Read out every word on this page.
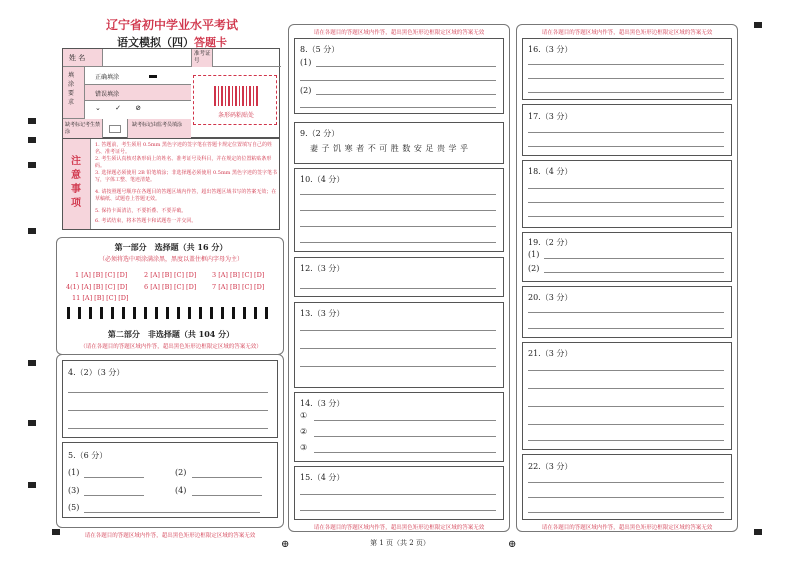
⊕	⊕
辽宁省初中学业水平考试
语文模拟（四）答题卡
姓 名	准考证号
填涂要求
正确填涂
错误填涂
⌄ ✓ ⊘
缺考标记考生禁涂
缺考标记由监考员填涂
条形码粘贴处
注意事项
1. 答题前，考生须用 0.5mm 黑色字迹的签字笔在答题卡规定位置填写自己的姓名、准考证号。
2. 考生须认真核对条形码上的姓名、准考证号及科目，并在规定的位置粘贴条形码。
3. 选择题必须使用 2B 铅笔填涂；非选择题必须使用 0.5mm 黑色字迹的签字笔书写，字体工整、笔迹清楚。
4. 请按照题号顺序在各题目的答题区域内作答，超出答题区域书写的答案无效；在草稿纸、试题卷上答题无效。
5. 保持卡面清洁，不要折叠、不要弄破。
6. 考试结束，将本答题卡和试题卷一并交回。
第一部分　选择题（共 16 分）
（必须将选中项涂满涂黑，黑度以盖住框内字母为主）
1 [A] [B] [C] [D]	2 [A] [B] [C] [D] 3 [A] [B] [C] [D]
4(1) [A] [B] [C] [D]	6 [A] [B] [C] [D] 7 [A] [B] [C] [D]
11 [A] [B] [C] [D]
第二部分　非选择题（共 104 分）
（请在各题目的答题区域内作答，超出黑色矩形边框限定区域的答案无效）
4.（2）（3 分）
5.（6 分）
(1)	(2)
(3)	(4)
(5)
请在各题目的答题区域内作答，超出黑色矩形边框限定区域的答案无效
请在各题目的答题区域内作答，超出黑色矩形边框限定区域的答案无效
8.（5 分）
(1)
(2)
9.（2 分）
妻 子 饥 寒 者 不 可 胜 数 安 足 贵 学 乎
10.（4 分）
12.（3 分）
13.（3 分）
14.（3 分）
①
②
③
15.（4 分）
请在各题目的答题区域内作答，超出黑色矩形边框限定区域的答案无效
第 1 页（共 2 页）
请在各题目的答题区域内作答，超出黑色矩形边框限定区域的答案无效
16.（3 分）
17.（3 分）
18.（4 分）
19.（2 分）
(1)
(2)
20.（3 分）
21.（3 分）
22.（3 分）
请在各题目的答题区域内作答，超出黑色矩形边框限定区域的答案无效
